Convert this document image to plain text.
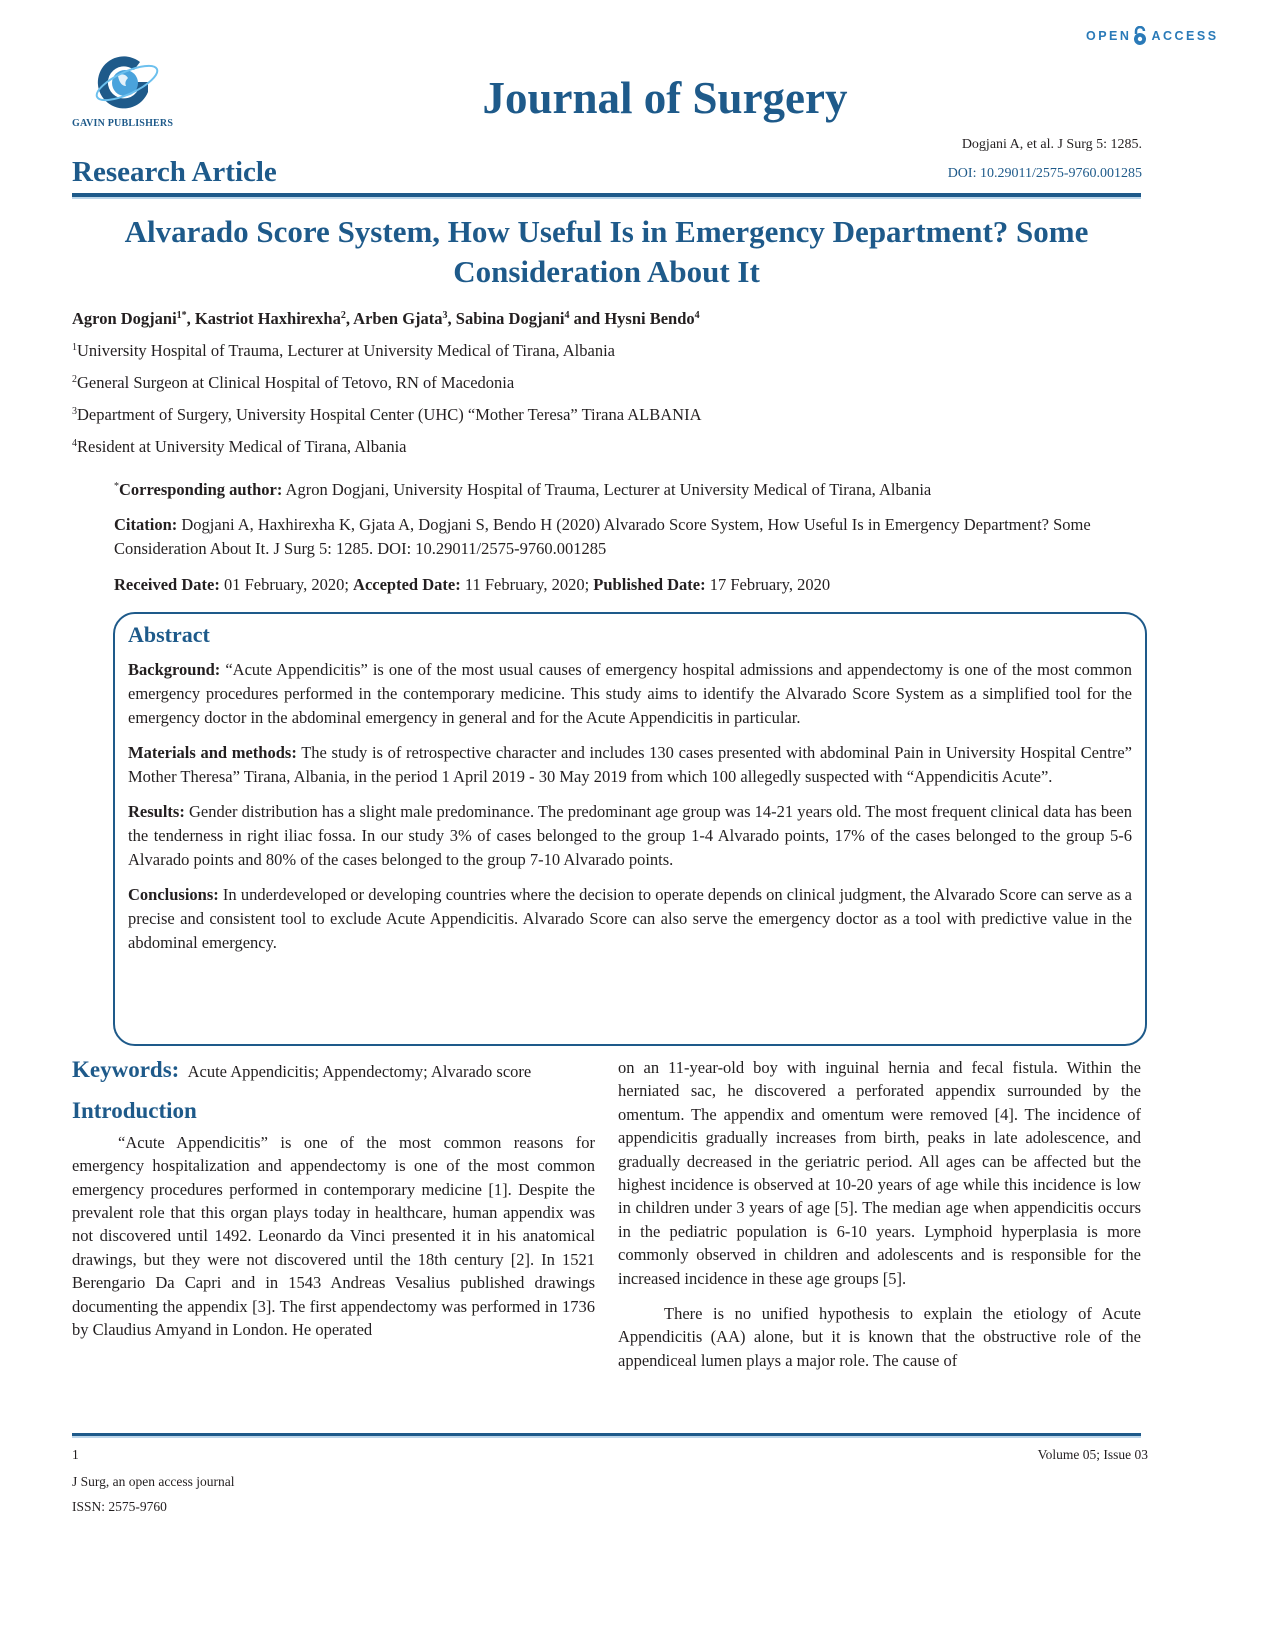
GAVIN PUBLISHERS
OPEN ACCESS
Journal of Surgery
Dogjani A, et al. J Surg 5: 1285.
DOI: 10.29011/2575-9760.001285
Research Article
Alvarado Score System, How Useful Is in Emergency Department? Some Consideration About It
Agron Dogjani$^{1*}$, Kastriot Haxhirexha$^2$, Arben Gjata$^3$, Sabina Dogjani$^4$ and Hysni Bendo$^4$
$^1$University Hospital of Trauma, Lecturer at University Medical of Tirana, Albania
$^2$General Surgeon at Clinical Hospital of Tetovo, RN of Macedonia
$^3$Department of Surgery, University Hospital Center (UHC) “Mother Teresa” Tirana ALBANIA
$^4$Resident at University Medical of Tirana, Albania
*Corresponding author: Agron Dogjani, University Hospital of Trauma, Lecturer at University Medical of Tirana, Albania
Citation: Dogjani A, Haxhirexha K, Gjata A, Dogjani S, Bendo H (2020) Alvarado Score System, How Useful Is in Emergency Department? Some Consideration About It. J Surg 5: 1285. DOI: 10.29011/2575-9760.001285
Received Date: 01 February, 2020; Accepted Date: 11 February, 2020; Published Date: 17 February, 2020
Abstract

Background: “Acute Appendicitis” is one of the most usual causes of emergency hospital admissions and appendectomy is one of the most common emergency procedures performed in the contemporary medicine. This study aims to identify the Alvarado Score System as a simplified tool for the emergency doctor in the abdominal emergency in general and for the Acute Appendicitis in particular.

Materials and methods: The study is of retrospective character and includes 130 cases presented with abdominal Pain in University Hospital Centre” Mother Theresa” Tirana, Albania, in the period 1 April 2019 - 30 May 2019 from which 100 allegedly suspected with “Appendicitis Acute”.

Results: Gender distribution has a slight male predominance. The predominant age group was 14-21 years old. The most frequent clinical data has been the tenderness in right iliac fossa. In our study 3% of cases belonged to the group 1-4 Alvarado points, 17% of the cases belonged to the group 5-6 Alvarado points and 80% of the cases belonged to the group 7-10 Alvarado points.

Conclusions: In underdeveloped or developing countries where the decision to operate depends on clinical judgment, the Alvarado Score can serve as a precise and consistent tool to exclude Acute Appendicitis. Alvarado Score can also serve the emergency doctor as a tool with predictive value in the abdominal emergency.

Keywords: Acute Appendicitis; Appendectomy; Alvarado score

Introduction

“Acute Appendicitis” is one of the most common reasons for emergency hospitalization and appendectomy is one of the most common emergency procedures performed in contemporary medicine [1]. Despite the prevalent role that this organ plays today in healthcare, human appendix was not discovered until 1492. Leonardo da Vinci presented it in his anatomical drawings, but they were not discovered until the 18th century [2]. In 1521 Berengario Da Capri and in 1543 Andreas Vesalius published drawings documenting the appendix [3]. The first appendectomy was performed in 1736 by Claudius Amyand in London. He operated

on an 11-year-old boy with inguinal hernia and fecal fistula. Within the herniated sac, he discovered a perforated appendix surrounded by the omentum. The appendix and omentum were removed [4]. The incidence of appendicitis gradually increases from birth, peaks in late adolescence, and gradually decreased in the geriatric period. All ages can be affected but the highest incidence is observed at 10-20 years of age while this incidence is low in children under 3 years of age [5]. The median age when appendicitis occurs in the pediatric population is 6-10 years. Lymphoid hyperplasia is more commonly observed in children and adolescents and is responsible for the increased incidence in these age groups [5].

There is no unified hypothesis to explain the etiology of Acute Appendicitis (AA) alone, but it is known that the obstructive role of the appendiceal lumen plays a major role. The cause of

1
J Surg, an open access journal
ISSN: 2575-9760
Volume 05; Issue 03
